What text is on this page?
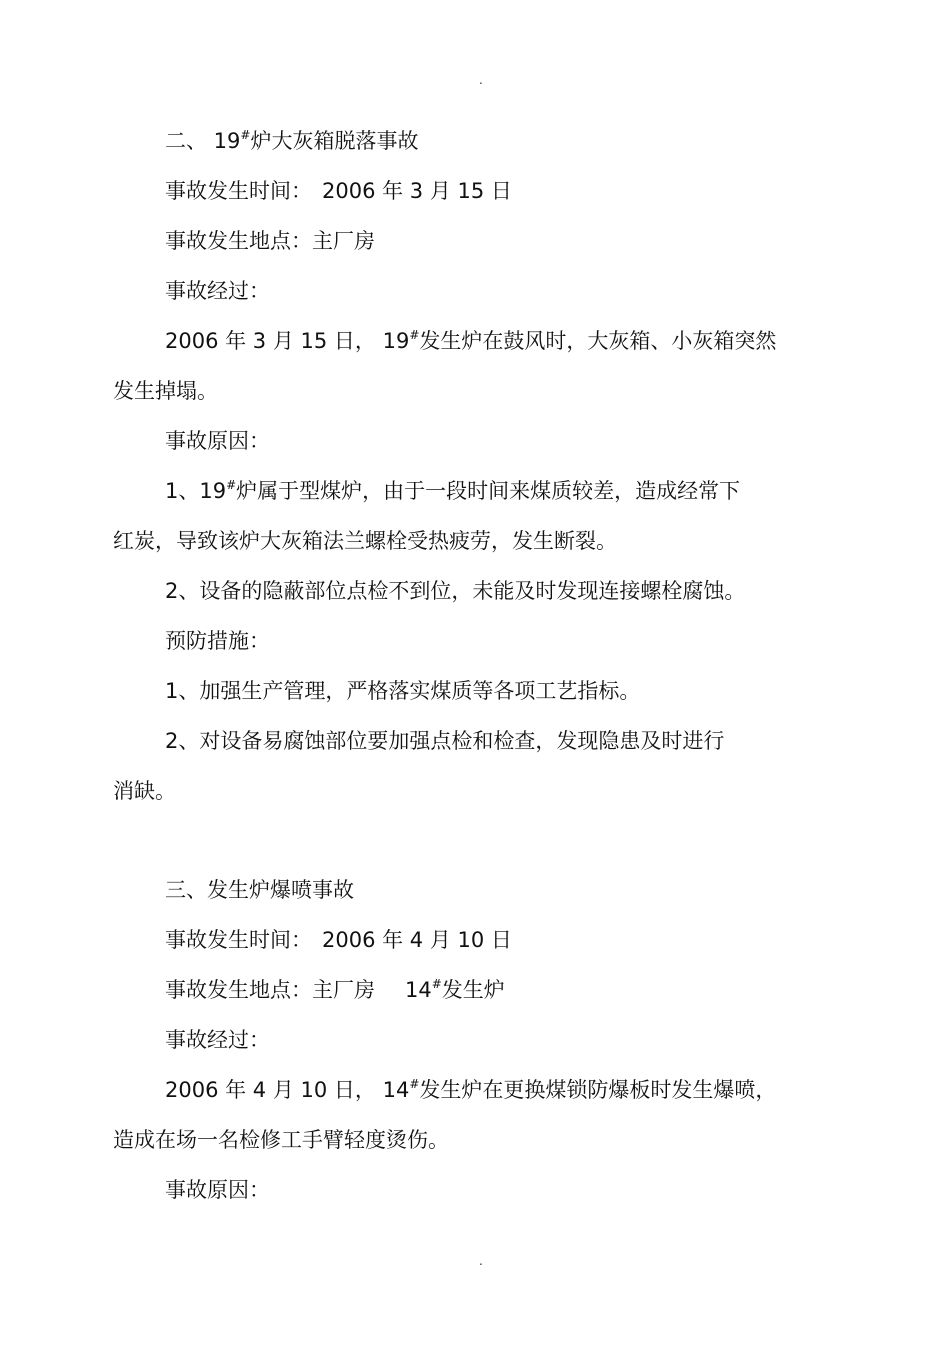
.
二、 19#炉大灰箱脱落事故
事故发生时间： 2006 年 3 月 15 日
事故发生地点：主厂房
事故经过：
2006 年 3 月 15 日， 19#发生炉在鼓风时，大灰箱、小灰箱突然
发生掉塌。
事故原因：
1、19#炉属于型煤炉，由于一段时间来煤质较差，造成经常下
红炭，导致该炉大灰箱法兰螺栓受热疲劳，发生断裂。
2、设备的隐蔽部位点检不到位，未能及时发现连接螺栓腐蚀。
预防措施：
1、加强生产管理，严格落实煤质等各项工艺指标。
2、对设备易腐蚀部位要加强点检和检查，发现隐患及时进行
消缺。
三、发生炉爆喷事故
事故发生时间： 2006 年 4 月 10 日
事故发生地点：主厂房 14#发生炉
事故经过：
2006 年 4 月 10 日， 14#发生炉在更换煤锁防爆板时发生爆喷，
造成在场一名检修工手臂轻度烫伤。
事故原因：
.
